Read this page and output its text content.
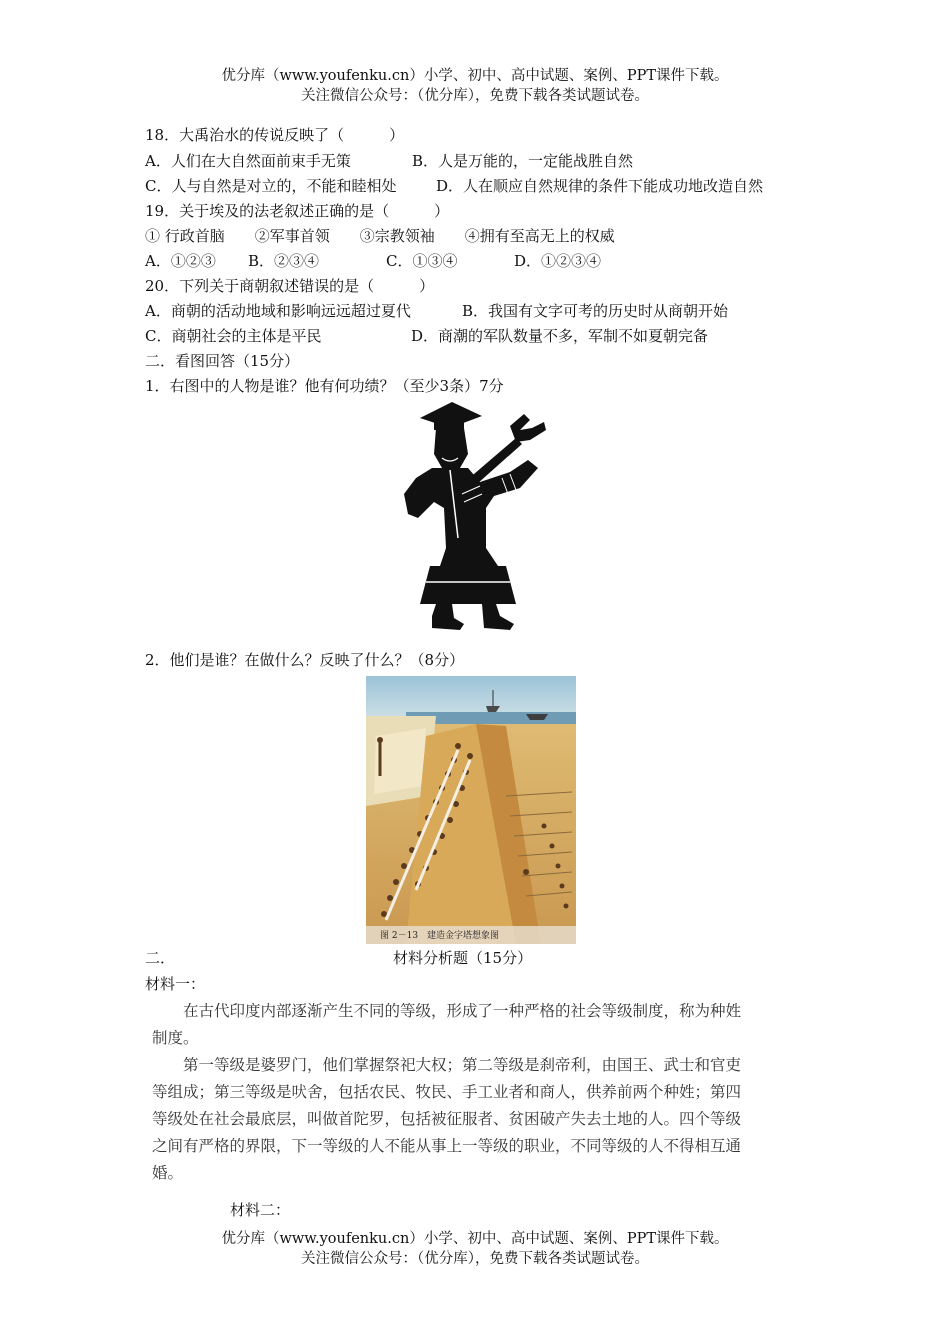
优分库（www.youfenku.cn）小学、初中、高中试题、案例、PPT课件下载。
关注微信公众号：（优分库），免费下载各类试题试卷。
18．大禹治水的传说反映了（　　　）
A．人们在大自然面前束手无策	B．人是万能的，一定能战胜自然
C．人与自然是对立的，不能和睦相处	D．人在顺应自然规律的条件下能成功地改造自然
19．关于埃及的法老叙述正确的是（　　　）
① 行政首脑　　②军事首领　　③宗教领袖　　④拥有至高无上的权威
A．①②③ B．②③④	C．①③④	D．①②③④
20．下列关于商朝叙述错误的是（　　　）
A．商朝的活动地域和影响远远超过夏代	B．我国有文字可考的历史时从商朝开始
C．商朝社会的主体是平民	D．商潮的军队数量不多，军制不如夏朝完备
二．看图回答（15分）
1．右图中的人物是谁？他有何功绩？（至少3条）7分
2．他们是谁？在做什么？反映了什么？（8分）
图 2－13　建造金字塔想象图
二．	材料分析题（15分）
材料一：

在古代印度内部逐渐产生不同的等级，形成了一种严格的社会等级制度，称为种姓制度。

第一等级是婆罗门，他们掌握祭祀大权；第二等级是刹帝利，由国王、武士和官吏等组成；第三等级是吠舍，包括农民、牧民、手工业者和商人，供养前两个种姓；第四等级处在社会最底层，叫做首陀罗，包括被征服者、贫困破产失去土地的人。四个等级之间有严格的界限，下一等级的人不能从事上一等级的职业，不同等级的人不得相互通婚。

材料二：
优分库（www.youfenku.cn）小学、初中、高中试题、案例、PPT课件下载。
关注微信公众号：（优分库），免费下载各类试题试卷。
